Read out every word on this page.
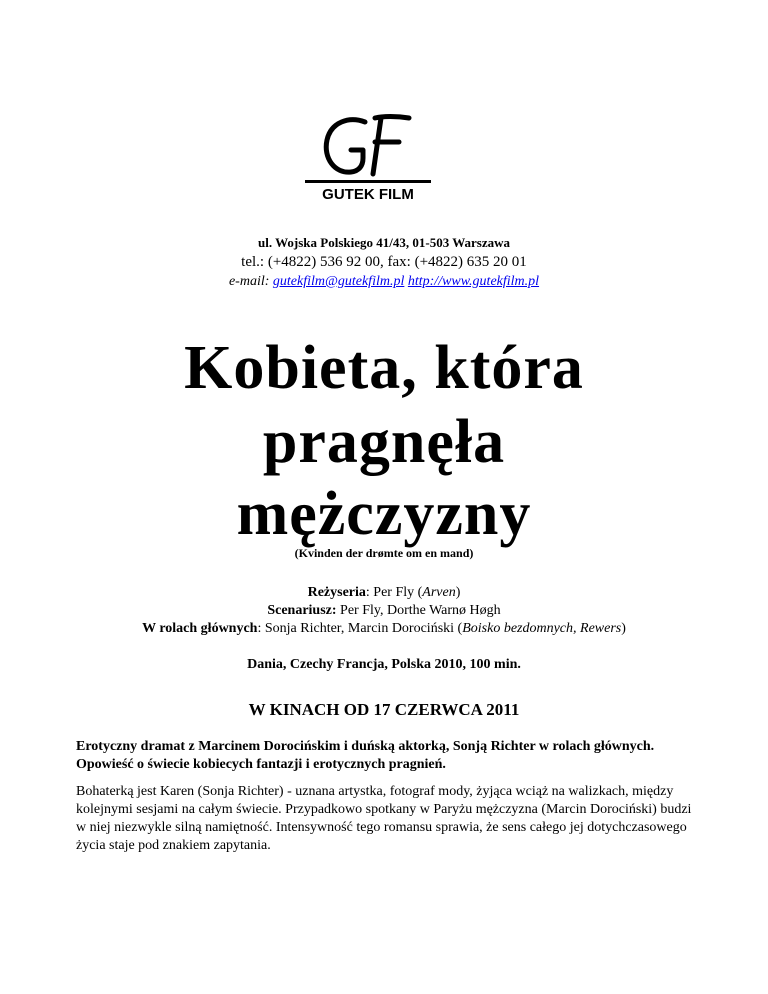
GUTEK FILM
ul. Wojska Polskiego 41/43, 01-503 Warszawa
tel.: (+4822) 536 92 00, fax: (+4822) 635 20 01
e-mail: gutekfilm@gutekfilm.pl http://www.gutekfilm.pl
Kobieta, która
pragnęła
mężczyzny
(Kvinden der drømte om en mand)
Reżyseria: Per Fly (Arven)
Scenariusz: Per Fly, Dorthe Warnø Høgh
W rolach głównych: Sonja Richter, Marcin Dorociński (Boisko bezdomnych, Rewers)
Dania, Czechy Francja, Polska 2010, 100 min.
W KINACH OD 17 CZERWCA 2011
Erotyczny dramat z Marcinem Dorocińskim i duńską aktorką, Sonją Richter w rolach głównych. Opowieść o świecie kobiecych fantazji i erotycznych pragnień.
Bohaterką jest Karen (Sonja Richter) - uznana artystka, fotograf mody, żyjąca wciąż na walizkach, między kolejnymi sesjami na całym świecie. Przypadkowo spotkany w Paryżu mężczyzna (Marcin Dorociński) budzi w niej niezwykle silną namiętność. Intensywność tego romansu sprawia, że sens całego jej dotychczasowego życia staje pod znakiem zapytania.
